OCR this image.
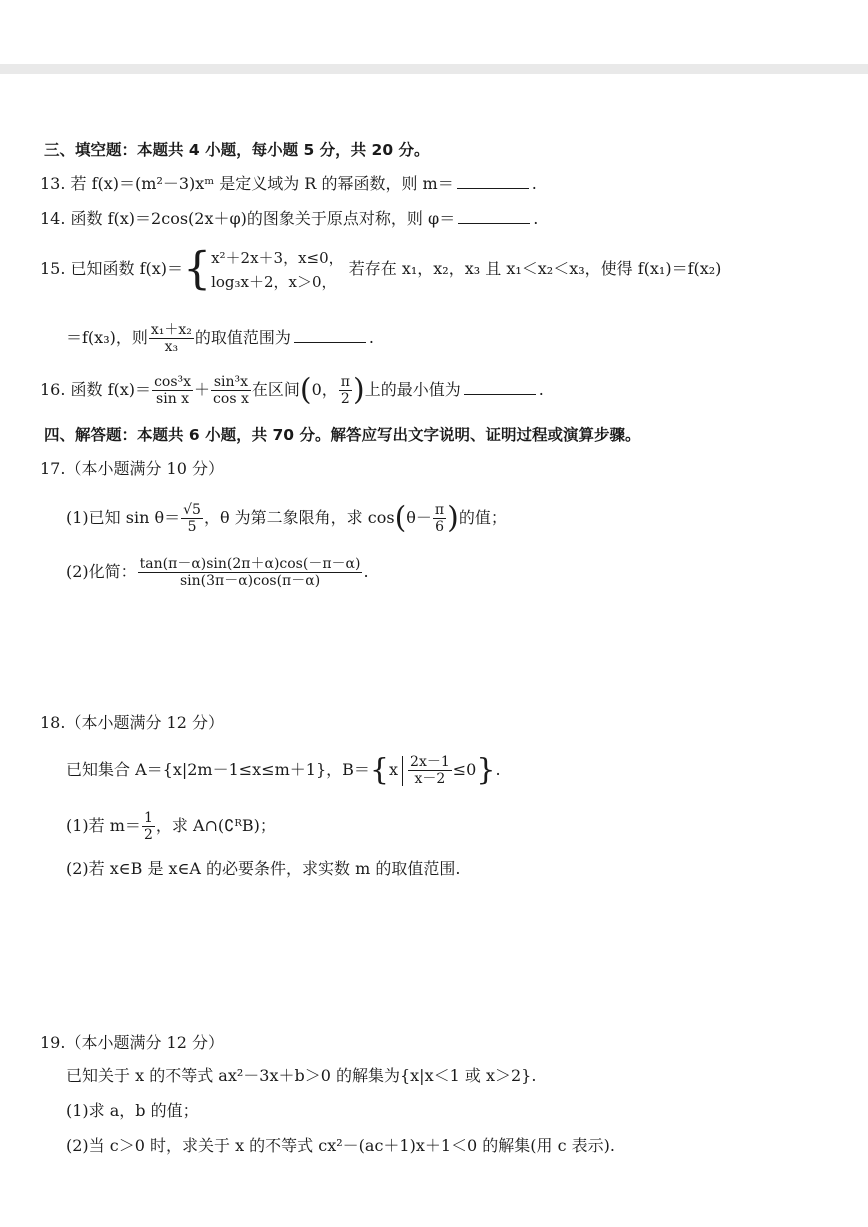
三、填空题：本题共 4 小题，每小题 5 分，共 20 分。
13. 若 f(x)＝(m²－3)xᵐ 是定义域为 R 的幂函数，则 m＝	.
14. 函数 f(x)＝2cos(2x＋φ)的图象关于原点对称，则 φ＝	.
15. 已知函数 f(x)＝{ x²＋2x＋3，x≤0，
log₃x＋2，x＞0，
若存在 x₁，x₂，x₃ 且 x₁＜x₂＜x₃，使得 f(x₁)＝f(x₂)
＝f(x₃)，则 $\frac{\text{x₁＋x₂}}{\text{x₃}}$ 的取值范围为	.
16. 函数 $f(x)= \frac{\text{cos³x}}{\text{sin x}} + \frac{\text{sin³x}}{\text{cos x}}$ 在区间(0， $\frac{\pi}{2}$ )上的最小值为	.
四、解答题：本题共 6 小题，共 70 分。解答应写出文字说明、证明过程或演算步骤。
17.（本小题满分 10 分）
(1)已知 $\sin \theta= \frac{√5}{5}$ ，θ 为第二象限角，求 $\cos(\theta- \frac{\pi}{6}$ )的值；
(2)化简： $\frac{\tan(\pi-\alpha)\sin(2\pi+\alpha)\cos(-\pi-\alpha)}{\sin(3\pi-\alpha)\cos(\pi-\alpha)}$ .
18.（本小题满分 12 分）
已知集合 A＝{x|2m－1≤x≤m＋1}，$B=\{x \frac{2x-1}{x-2} \le 0\}$.
(1)若 $m= \frac{1}{2}$ ，求 A∩(∁ᴿB)；
(2)若 x∈B 是 x∈A 的必要条件，求实数 m 的取值范围.
19.（本小题满分 12 分）
已知关于 x 的不等式 ax²－3x＋b＞0 的解集为{x|x＜1 或 x＞2}.
(1)求 a，b 的值；
(2)当 c＞0 时，求关于 x 的不等式 cx²－(ac＋1)x＋1＜0 的解集(用 c 表示).
